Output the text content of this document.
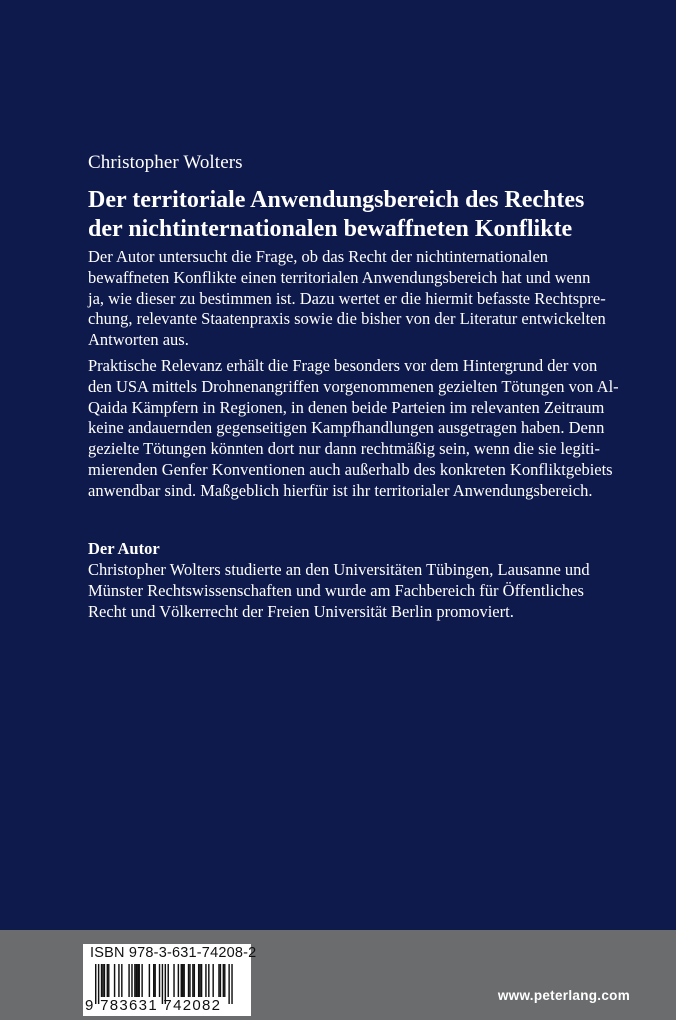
Christopher Wolters
Der territoriale Anwendungsbereich des Rechtes
der nichtinternationalen bewaffneten Konflikte
Der Autor untersucht die Frage, ob das Recht der nichtinternationalen
bewaffneten Konflikte einen territorialen Anwendungsbereich hat und wenn
ja, wie dieser zu bestimmen ist. Dazu wertet er die hiermit befasste Rechtspre-
chung, relevante Staatenpraxis sowie die bisher von der Literatur entwickelten
Antworten aus.
Praktische Relevanz erhält die Frage besonders vor dem Hintergrund der von
den USA mittels Drohnenangriffen vorgenommenen gezielten Tötungen von Al-
Qaida Kämpfern in Regionen, in denen beide Parteien im relevanten Zeitraum
keine andauernden gegenseitigen Kampfhandlungen ausgetragen haben. Denn
gezielte Tötungen könnten dort nur dann rechtmäßig sein, wenn die sie legiti-
mierenden Genfer Konventionen auch außerhalb des konkreten Konfliktgebiets
anwendbar sind. Maßgeblich hierfür ist ihr territorialer Anwendungsbereich.
Der Autor
Christopher Wolters studierte an den Universitäten Tübingen, Lausanne und
Münster Rechtswissenschaften und wurde am Fachbereich für Öffentliches
Recht und Völkerrecht der Freien Universität Berlin promoviert.
ISBN 978-3-631-74208-2
9 783631 742082
www.peterlang.com
